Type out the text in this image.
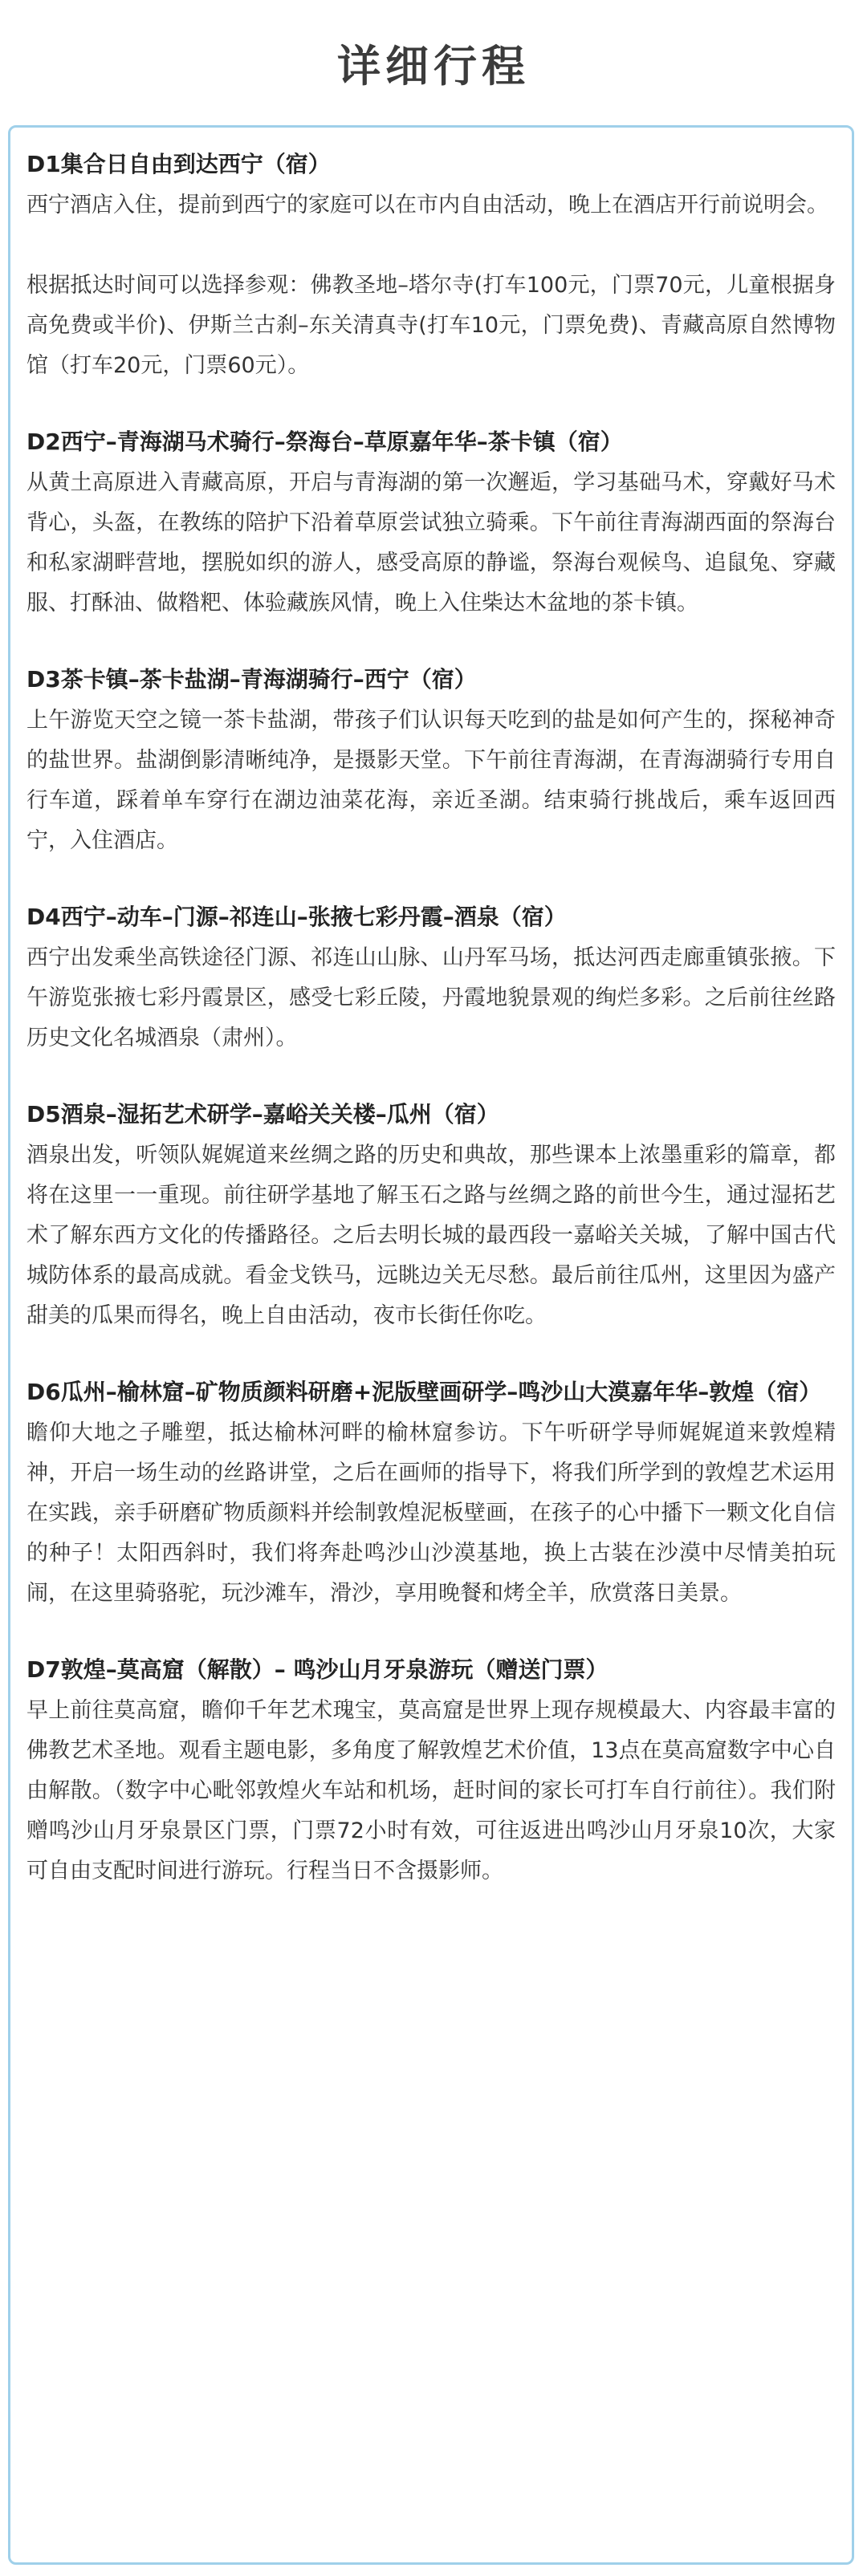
详细行程
D1集合日自由到达西宁（宿）

西宁酒店入住，提前到西宁的家庭可以在市内自由活动，晚上在酒店开行前说明会。

根据抵达时间可以选择参观：佛教圣地–塔尔寺(打车100元，门票70元，儿童根据身高免费或半价)、伊斯兰古刹–东关清真寺(打车10元，门票免费)、青藏高原自然博物馆（打车20元，门票60元）。

D2西宁–青海湖马术骑行–祭海台–草原嘉年华–茶卡镇（宿）

从黄土高原进入青藏高原，开启与青海湖的第一次邂逅，学习基础马术，穿戴好马术背心，头盔，在教练的陪护下沿着草原尝试独立骑乘。下午前往青海湖西面的祭海台和私家湖畔营地，摆脱如织的游人，感受高原的静谧，祭海台观候鸟、追鼠兔、穿藏服、打酥油、做糌粑、体验藏族风情，晚上入住柴达木盆地的茶卡镇。

D3茶卡镇–茶卡盐湖–青海湖骑行–西宁（宿）

上午游览天空之镜一茶卡盐湖，带孩子们认识每天吃到的盐是如何产生的，探秘神奇的盐世界。盐湖倒影清晰纯净，是摄影天堂。下午前往青海湖，在青海湖骑行专用自行车道，踩着单车穿行在湖边油菜花海，亲近圣湖。结束骑行挑战后，乘车返回西宁，入住酒店。

D4西宁–动车–门源–祁连山–张掖七彩丹霞–酒泉（宿）

西宁出发乘坐高铁途径门源、祁连山山脉、山丹军马场，抵达河西走廊重镇张掖。下午游览张掖七彩丹霞景区，感受七彩丘陵，丹霞地貌景观的绚烂多彩。之后前往丝路历史文化名城酒泉（肃州）。

D5酒泉–湿拓艺术研学–嘉峪关关楼–瓜州（宿）

酒泉出发，听领队娓娓道来丝绸之路的历史和典故，那些课本上浓墨重彩的篇章，都将在这里一一重现。前往研学基地了解玉石之路与丝绸之路的前世今生，通过湿拓艺术了解东西方文化的传播路径。之后去明长城的最西段一嘉峪关关城，了解中国古代城防体系的最高成就。看金戈铁马，远眺边关无尽愁。最后前往瓜州，这里因为盛产甜美的瓜果而得名，晚上自由活动，夜市长街任你吃。

D6瓜州–榆林窟–矿物质颜料研磨+泥版壁画研学–鸣沙山大漠嘉年华–敦煌（宿）

瞻仰大地之子雕塑，抵达榆林河畔的榆林窟参访。下午听研学导师娓娓道来敦煌精神，开启一场生动的丝路讲堂，之后在画师的指导下，将我们所学到的敦煌艺术运用在实践，亲手研磨矿物质颜料并绘制敦煌泥板壁画，在孩子的心中播下一颗文化自信的种子！太阳西斜时，我们将奔赴鸣沙山沙漠基地，换上古装在沙漠中尽情美拍玩闹，在这里骑骆驼，玩沙滩车，滑沙，享用晚餐和烤全羊，欣赏落日美景。

D7敦煌–莫高窟（解散）– 鸣沙山月牙泉游玩（赠送门票）

早上前往莫高窟，瞻仰千年艺术瑰宝，莫高窟是世界上现存规模最大、内容最丰富的佛教艺术圣地。观看主题电影，多角度了解敦煌艺术价值，13点在莫高窟数字中心自由解散。（数字中心毗邻敦煌火车站和机场，赶时间的家长可打车自行前往）。我们附赠鸣沙山月牙泉景区门票，门票72小时有效，可往返进出鸣沙山月牙泉10次，大家可自由支配时间进行游玩。行程当日不含摄影师。
